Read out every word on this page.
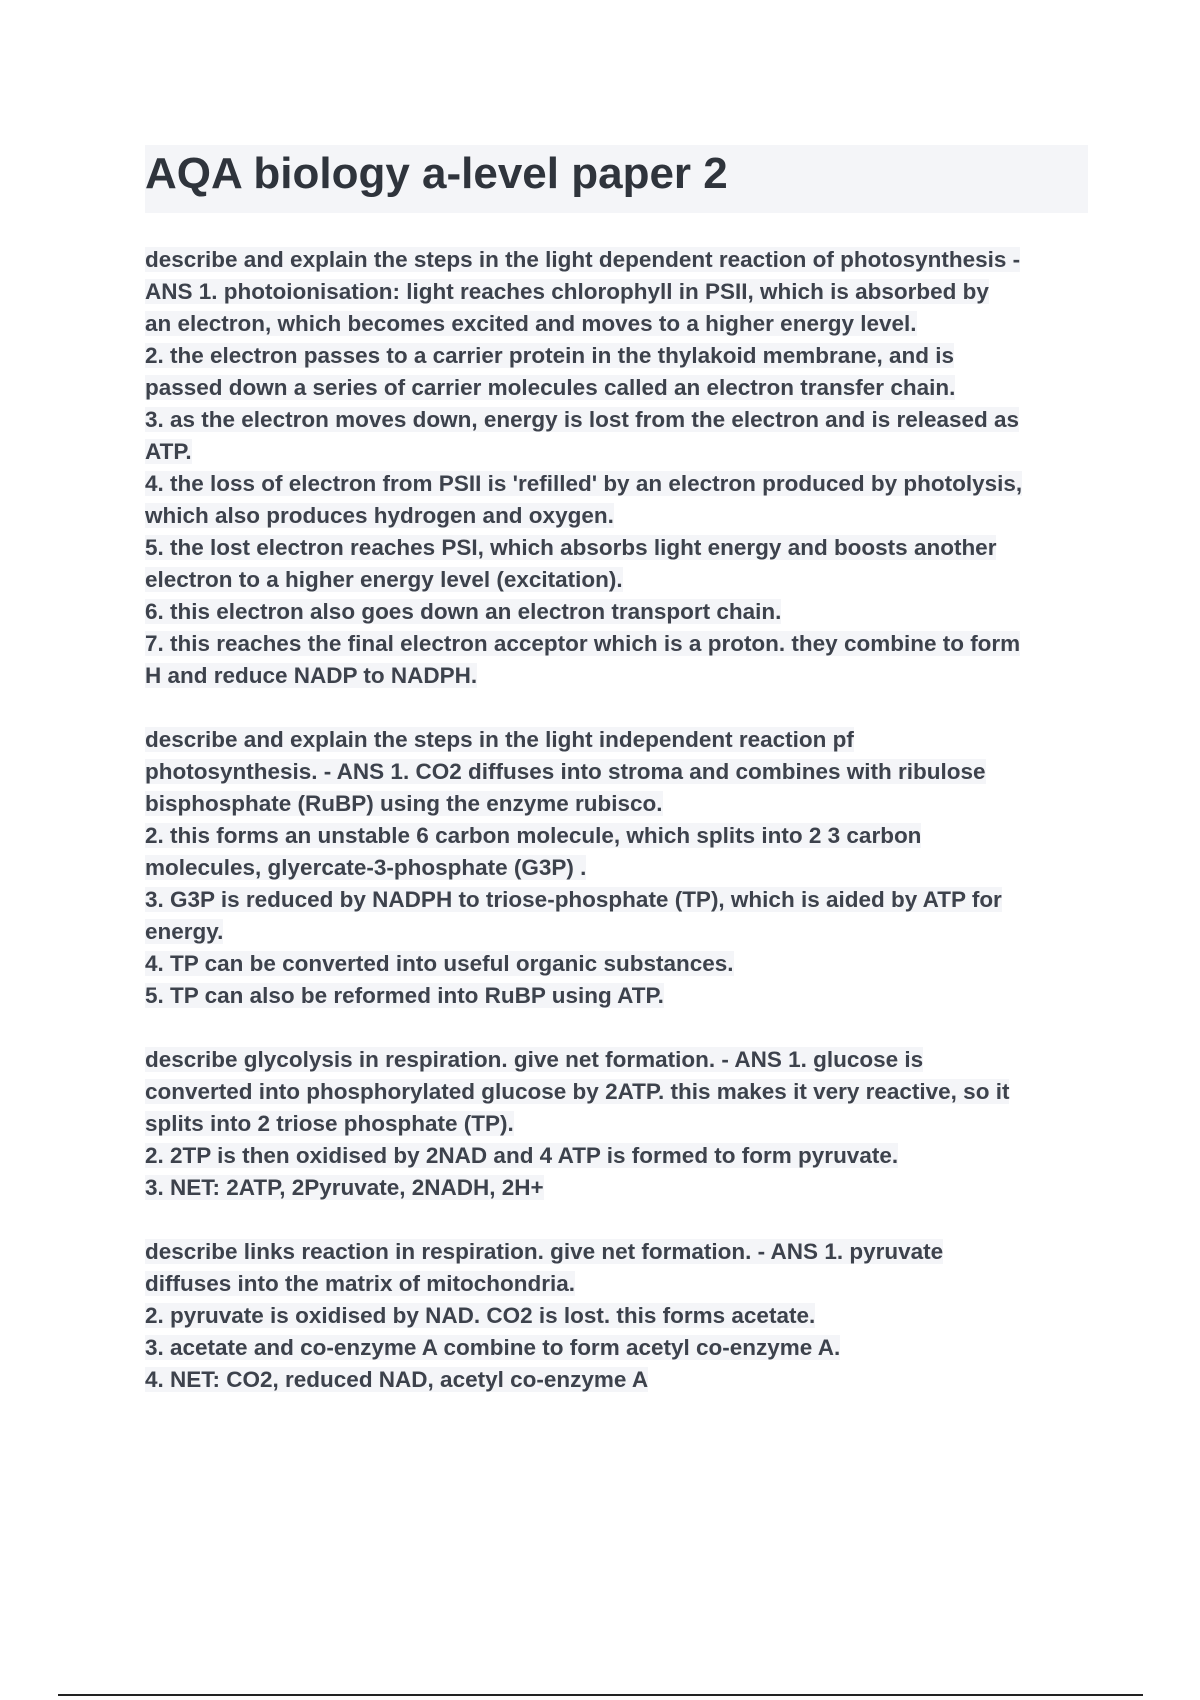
AQA biology a-level paper 2
describe and explain the steps in the light dependent reaction of photosynthesis -
ANS 1. photoionisation: light reaches chlorophyll in PSII, which is absorbed by
an electron, which becomes excited and moves to a higher energy level.
2. the electron passes to a carrier protein in the thylakoid membrane, and is
passed down a series of carrier molecules called an electron transfer chain.
3. as the electron moves down, energy is lost from the electron and is released as
ATP.
4. the loss of electron from PSII is 'refilled' by an electron produced by photolysis,
which also produces hydrogen and oxygen.
5. the lost electron reaches PSI, which absorbs light energy and boosts another
electron to a higher energy level (excitation).
6. this electron also goes down an electron transport chain.
7. this reaches the final electron acceptor which is a proton. they combine to form
H and reduce NADP to NADPH.
describe and explain the steps in the light independent reaction pf
photosynthesis. - ANS 1. CO2 diffuses into stroma and combines with ribulose
bisphosphate (RuBP) using the enzyme rubisco.
2. this forms an unstable 6 carbon molecule, which splits into 2 3 carbon
molecules, glyercate-3-phosphate (G3P) .
3. G3P is reduced by NADPH to triose-phosphate (TP), which is aided by ATP for
energy.
4. TP can be converted into useful organic substances.
5. TP can also be reformed into RuBP using ATP.
describe glycolysis in respiration. give net formation. - ANS 1. glucose is
converted into phosphorylated glucose by 2ATP. this makes it very reactive, so it
splits into 2 triose phosphate (TP).
2. 2TP is then oxidised by 2NAD and 4 ATP is formed to form pyruvate.
3. NET: 2ATP, 2Pyruvate, 2NADH, 2H+
describe links reaction in respiration. give net formation. - ANS 1. pyruvate
diffuses into the matrix of mitochondria.
2. pyruvate is oxidised by NAD. CO2 is lost. this forms acetate.
3. acetate and co-enzyme A combine to form acetyl co-enzyme A.
4. NET: CO2, reduced NAD, acetyl co-enzyme A
